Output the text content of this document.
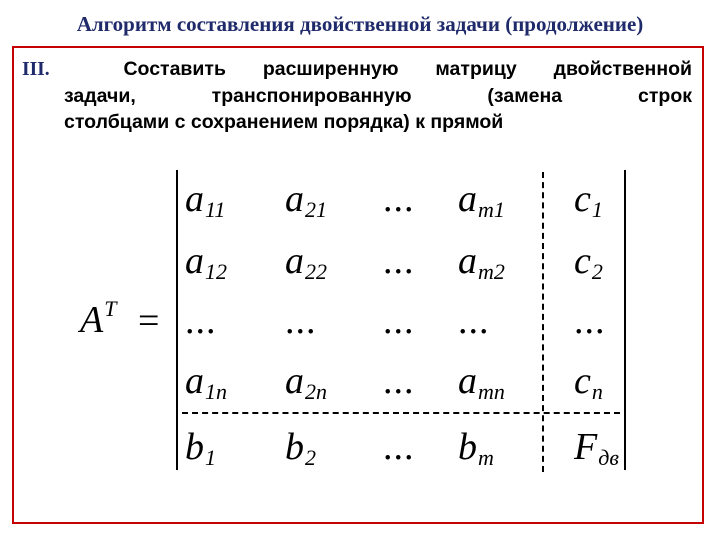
Алгоритм составления двойственной задачи (продолжение)
III.	Составить расширенную матрицу двойственной
задачи, транспонированную (замена строк
столбцами с сохранением порядка) к прямой
$A^T$ =
$a_{11}$ $a_{21}$ ... $a_{m1}$ $c_1$
$a_{12}$ $a_{22}$ ... $a_{m2}$ $c_2$
... ... ... ... ...
$a_{1n}$ $a_{2n}$ ... $a_{mn}$ $c_n$
$b_1$ $b_2$ ... $b_m$ $F_{дв}$
